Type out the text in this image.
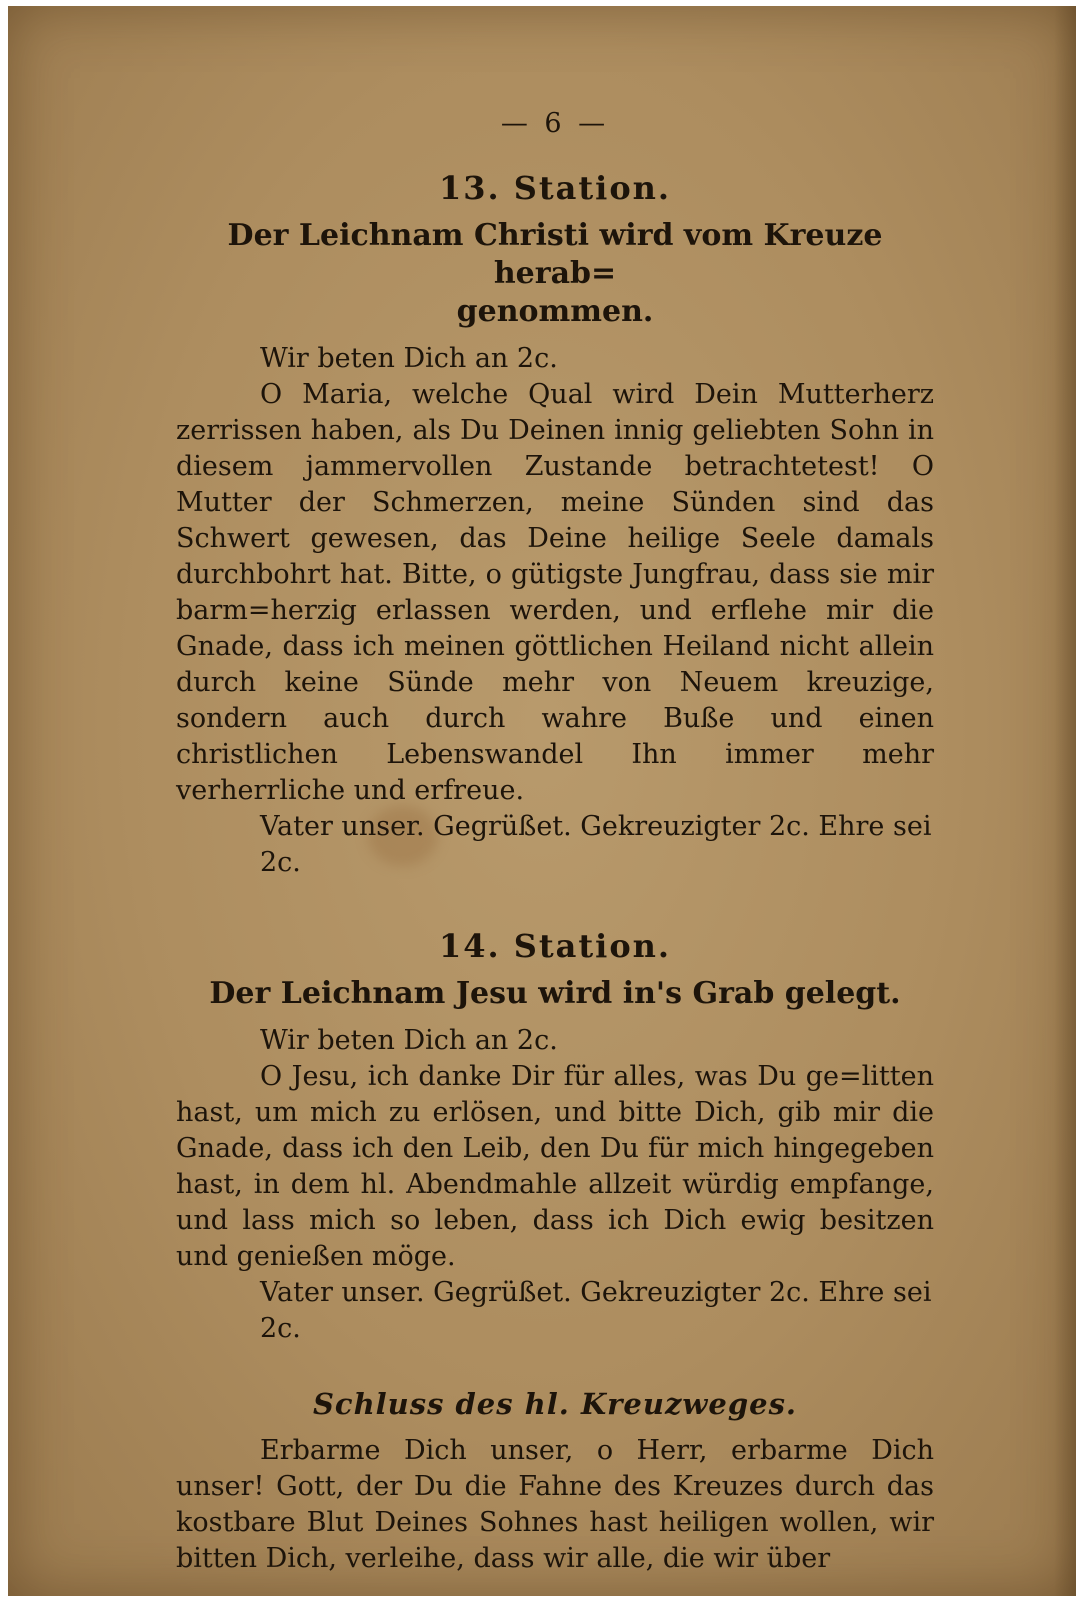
— 6 —
13. Station.
Der Leichnam Christi wird vom Kreuze herab=
genommen.

Wir beten Dich an 2c.

O Maria, welche Qual wird Dein Mutterherz zerrissen haben, als Du Deinen innig geliebten Sohn in diesem jammervollen Zustande betrachtetest! O Mutter der Schmerzen, meine Sünden sind das Schwert gewesen, das Deine heilige Seele damals durchbohrt hat. Bitte, o gütigste Jungfrau, dass sie mir barm=herzig erlassen werden, und erflehe mir die Gnade, dass ich meinen göttlichen Heiland nicht allein durch keine Sünde mehr von Neuem kreuzige, sondern auch durch wahre Buße und einen christlichen Lebenswandel Ihn immer mehr verherrliche und erfreue.

Vater unser. Gegrüßet. Gekreuzigter 2c. Ehre sei 2c.

14. Station.
Der Leichnam Jesu wird in's Grab gelegt.

Wir beten Dich an 2c.

O Jesu, ich danke Dir für alles, was Du ge=litten hast, um mich zu erlösen, und bitte Dich, gib mir die Gnade, dass ich den Leib, den Du für mich hingegeben hast, in dem hl. Abendmahle allzeit würdig empfange, und lass mich so leben, dass ich Dich ewig besitzen und genießen möge.

Vater unser. Gegrüßet. Gekreuzigter 2c. Ehre sei 2c.

Schluss des hl. Kreuzweges.

Erbarme Dich unser, o Herr, erbarme Dich unser! Gott, der Du die Fahne des Kreuzes durch das kostbare Blut Deines Sohnes hast heiligen wollen, wir bitten Dich, verleihe, dass wir alle, die wir über
